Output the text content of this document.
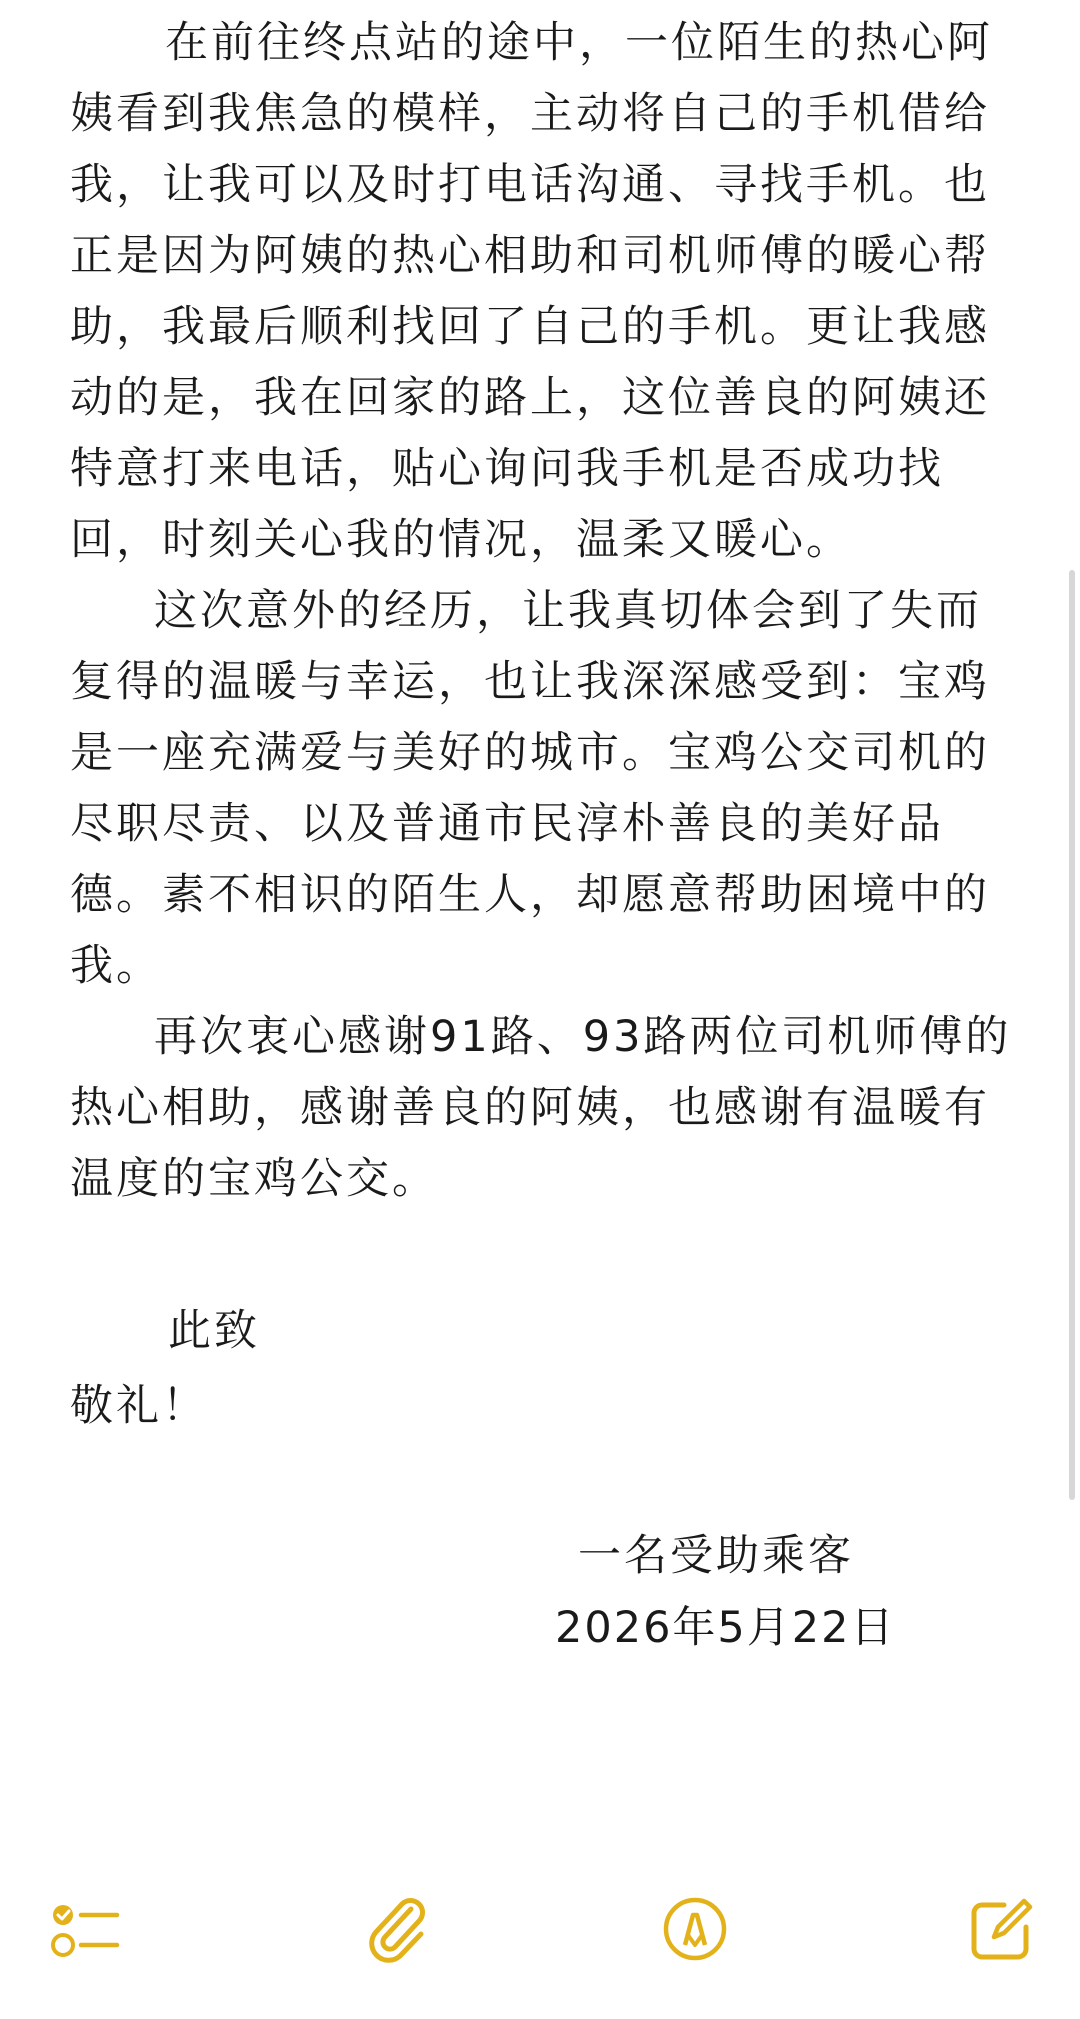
在前往终点站的途中，一位陌生的热心阿姨看到我焦急的模样，主动将自己的手机借给我，让我可以及时打电话沟通、寻找手机。也正是因为阿姨的热心相助和司机师傅的暖心帮助，我最后顺利找回了自己的手机。更让我感动的是，我在回家的路上，这位善良的阿姨还特意打来电话，贴心询问我手机是否成功找回，时刻关心我的情况，温柔又暖心。

这次意外的经历，让我真切体会到了失而复得的温暖与幸运，也让我深深感受到：宝鸡是一座充满爱与美好的城市。宝鸡公交司机的尽职尽责、以及普通市民淳朴善良的美好品德。素不相识的陌生人，却愿意帮助困境中的我。

再次衷心感谢91路、93路两位司机师傅的热心相助，感谢善良的阿姨，也感谢有温暖有温度的宝鸡公交。

此致

敬礼！

一名受助乘客

2026年5月22日
